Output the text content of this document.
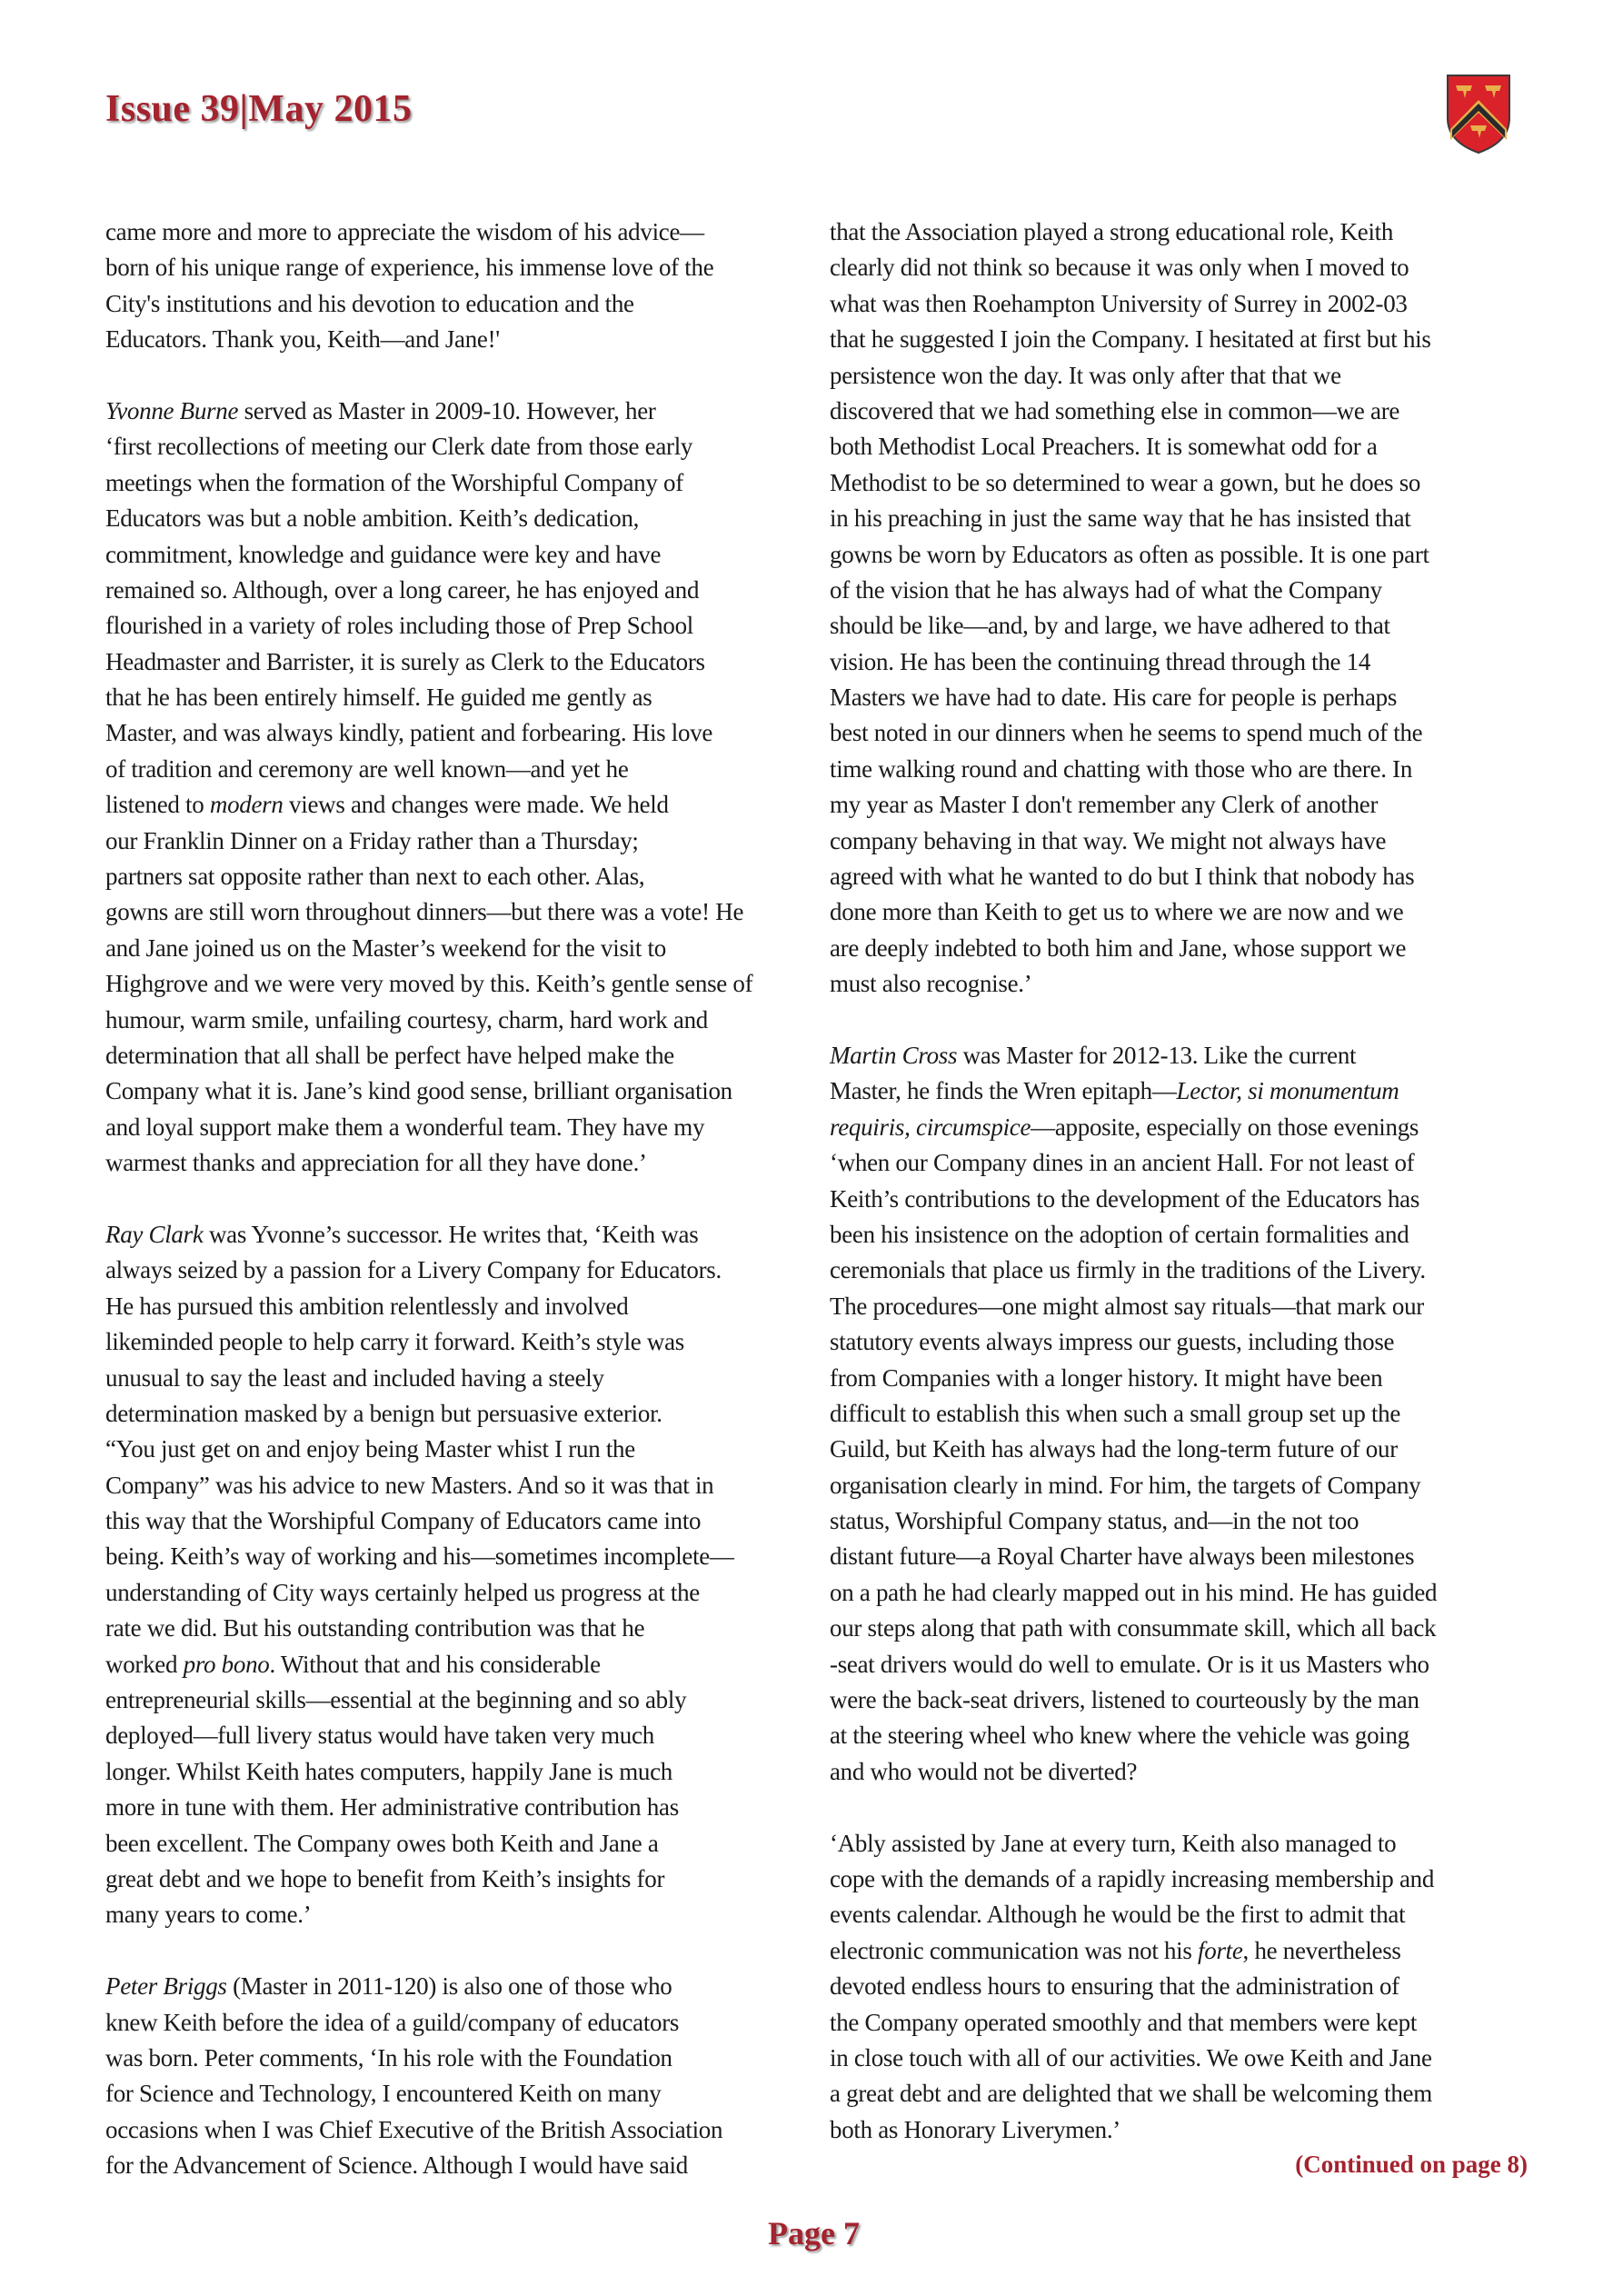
Issue 39|May 2015
came more and more to appreciate the wisdom of his advice—
born of his unique range of experience, his immense love of the
City's institutions and his devotion to education and the
Educators. Thank you, Keith—and Jane!'
Yvonne Burne served as Master in 2009-10. However, her
‘first recollections of meeting our Clerk date from those early
meetings when the formation of the Worshipful Company of
Educators was but a noble ambition. Keith’s dedication,
commitment, knowledge and guidance were key and have
remained so. Although, over a long career, he has enjoyed and
flourished in a variety of roles including those of Prep School
Headmaster and Barrister, it is surely as Clerk to the Educators
that he has been entirely himself. He guided me gently as
Master, and was always kindly, patient and forbearing. His love
of tradition and ceremony are well known—and yet he
listened to modern views and changes were made. We held
our Franklin Dinner on a Friday rather than a Thursday;
partners sat opposite rather than next to each other. Alas,
gowns are still worn throughout dinners—but there was a vote! He
and Jane joined us on the Master’s weekend for the visit to
Highgrove and we were very moved by this. Keith’s gentle sense of
humour, warm smile, unfailing courtesy, charm, hard work and
determination that all shall be perfect have helped make the
Company what it is. Jane’s kind good sense, brilliant organisation
and loyal support make them a wonderful team. They have my
warmest thanks and appreciation for all they have done.’
Ray Clark was Yvonne’s successor. He writes that, ‘Keith was
always seized by a passion for a Livery Company for Educators.
He has pursued this ambition relentlessly and involved
likeminded people to help carry it forward. Keith’s style was
unusual to say the least and included having a steely
determination masked by a benign but persuasive exterior.
“You just get on and enjoy being Master whist I run the
Company” was his advice to new Masters. And so it was that in
this way that the Worshipful Company of Educators came into
being. Keith’s way of working and his—sometimes incomplete—
understanding of City ways certainly helped us progress at the
rate we did. But his outstanding contribution was that he
worked pro bono. Without that and his considerable
entrepreneurial skills—essential at the beginning and so ably
deployed—full livery status would have taken very much
longer. Whilst Keith hates computers, happily Jane is much
more in tune with them. Her administrative contribution has
been excellent. The Company owes both Keith and Jane a
great debt and we hope to benefit from Keith’s insights for
many years to come.’
Peter Briggs (Master in 2011-120) is also one of those who
knew Keith before the idea of a guild/company of educators
was born. Peter comments, ‘In his role with the Foundation
for Science and Technology, I encountered Keith on many
occasions when I was Chief Executive of the British Association
for the Advancement of Science. Although I would have said
that the Association played a strong educational role, Keith
clearly did not think so because it was only when I moved to
what was then Roehampton University of Surrey in 2002-03
that he suggested I join the Company. I hesitated at first but his
persistence won the day. It was only after that that we
discovered that we had something else in common—we are
both Methodist Local Preachers. It is somewhat odd for a
Methodist to be so determined to wear a gown, but he does so
in his preaching in just the same way that he has insisted that
gowns be worn by Educators as often as possible. It is one part
of the vision that he has always had of what the Company
should be like—and, by and large, we have adhered to that
vision. He has been the continuing thread through the 14
Masters we have had to date. His care for people is perhaps
best noted in our dinners when he seems to spend much of the
time walking round and chatting with those who are there. In
my year as Master I don't remember any Clerk of another
company behaving in that way. We might not always have
agreed with what he wanted to do but I think that nobody has
done more than Keith to get us to where we are now and we
are deeply indebted to both him and Jane, whose support we
must also recognise.’
Martin Cross was Master for 2012-13. Like the current
Master, he finds the Wren epitaph—Lector, si monumentum
requiris, circumspice—apposite, especially on those evenings
‘when our Company dines in an ancient Hall. For not least of
Keith’s contributions to the development of the Educators has
been his insistence on the adoption of certain formalities and
ceremonials that place us firmly in the traditions of the Livery.
The procedures—one might almost say rituals—that mark our
statutory events always impress our guests, including those
from Companies with a longer history. It might have been
difficult to establish this when such a small group set up the
Guild, but Keith has always had the long-term future of our
organisation clearly in mind. For him, the targets of Company
status, Worshipful Company status, and—in the not too
distant future—a Royal Charter have always been milestones
on a path he had clearly mapped out in his mind. He has guided
our steps along that path with consummate skill, which all back
-seat drivers would do well to emulate. Or is it us Masters who
were the back-seat drivers, listened to courteously by the man
at the steering wheel who knew where the vehicle was going
and who would not be diverted?
‘Ably assisted by Jane at every turn, Keith also managed to
cope with the demands of a rapidly increasing membership and
events calendar. Although he would be the first to admit that
electronic communication was not his forte, he nevertheless
devoted endless hours to ensuring that the administration of
the Company operated smoothly and that members were kept
in close touch with all of our activities. We owe Keith and Jane
a great debt and are delighted that we shall be welcoming them
both as Honorary Liverymen.’
(Continued on page 8)
Page 7
